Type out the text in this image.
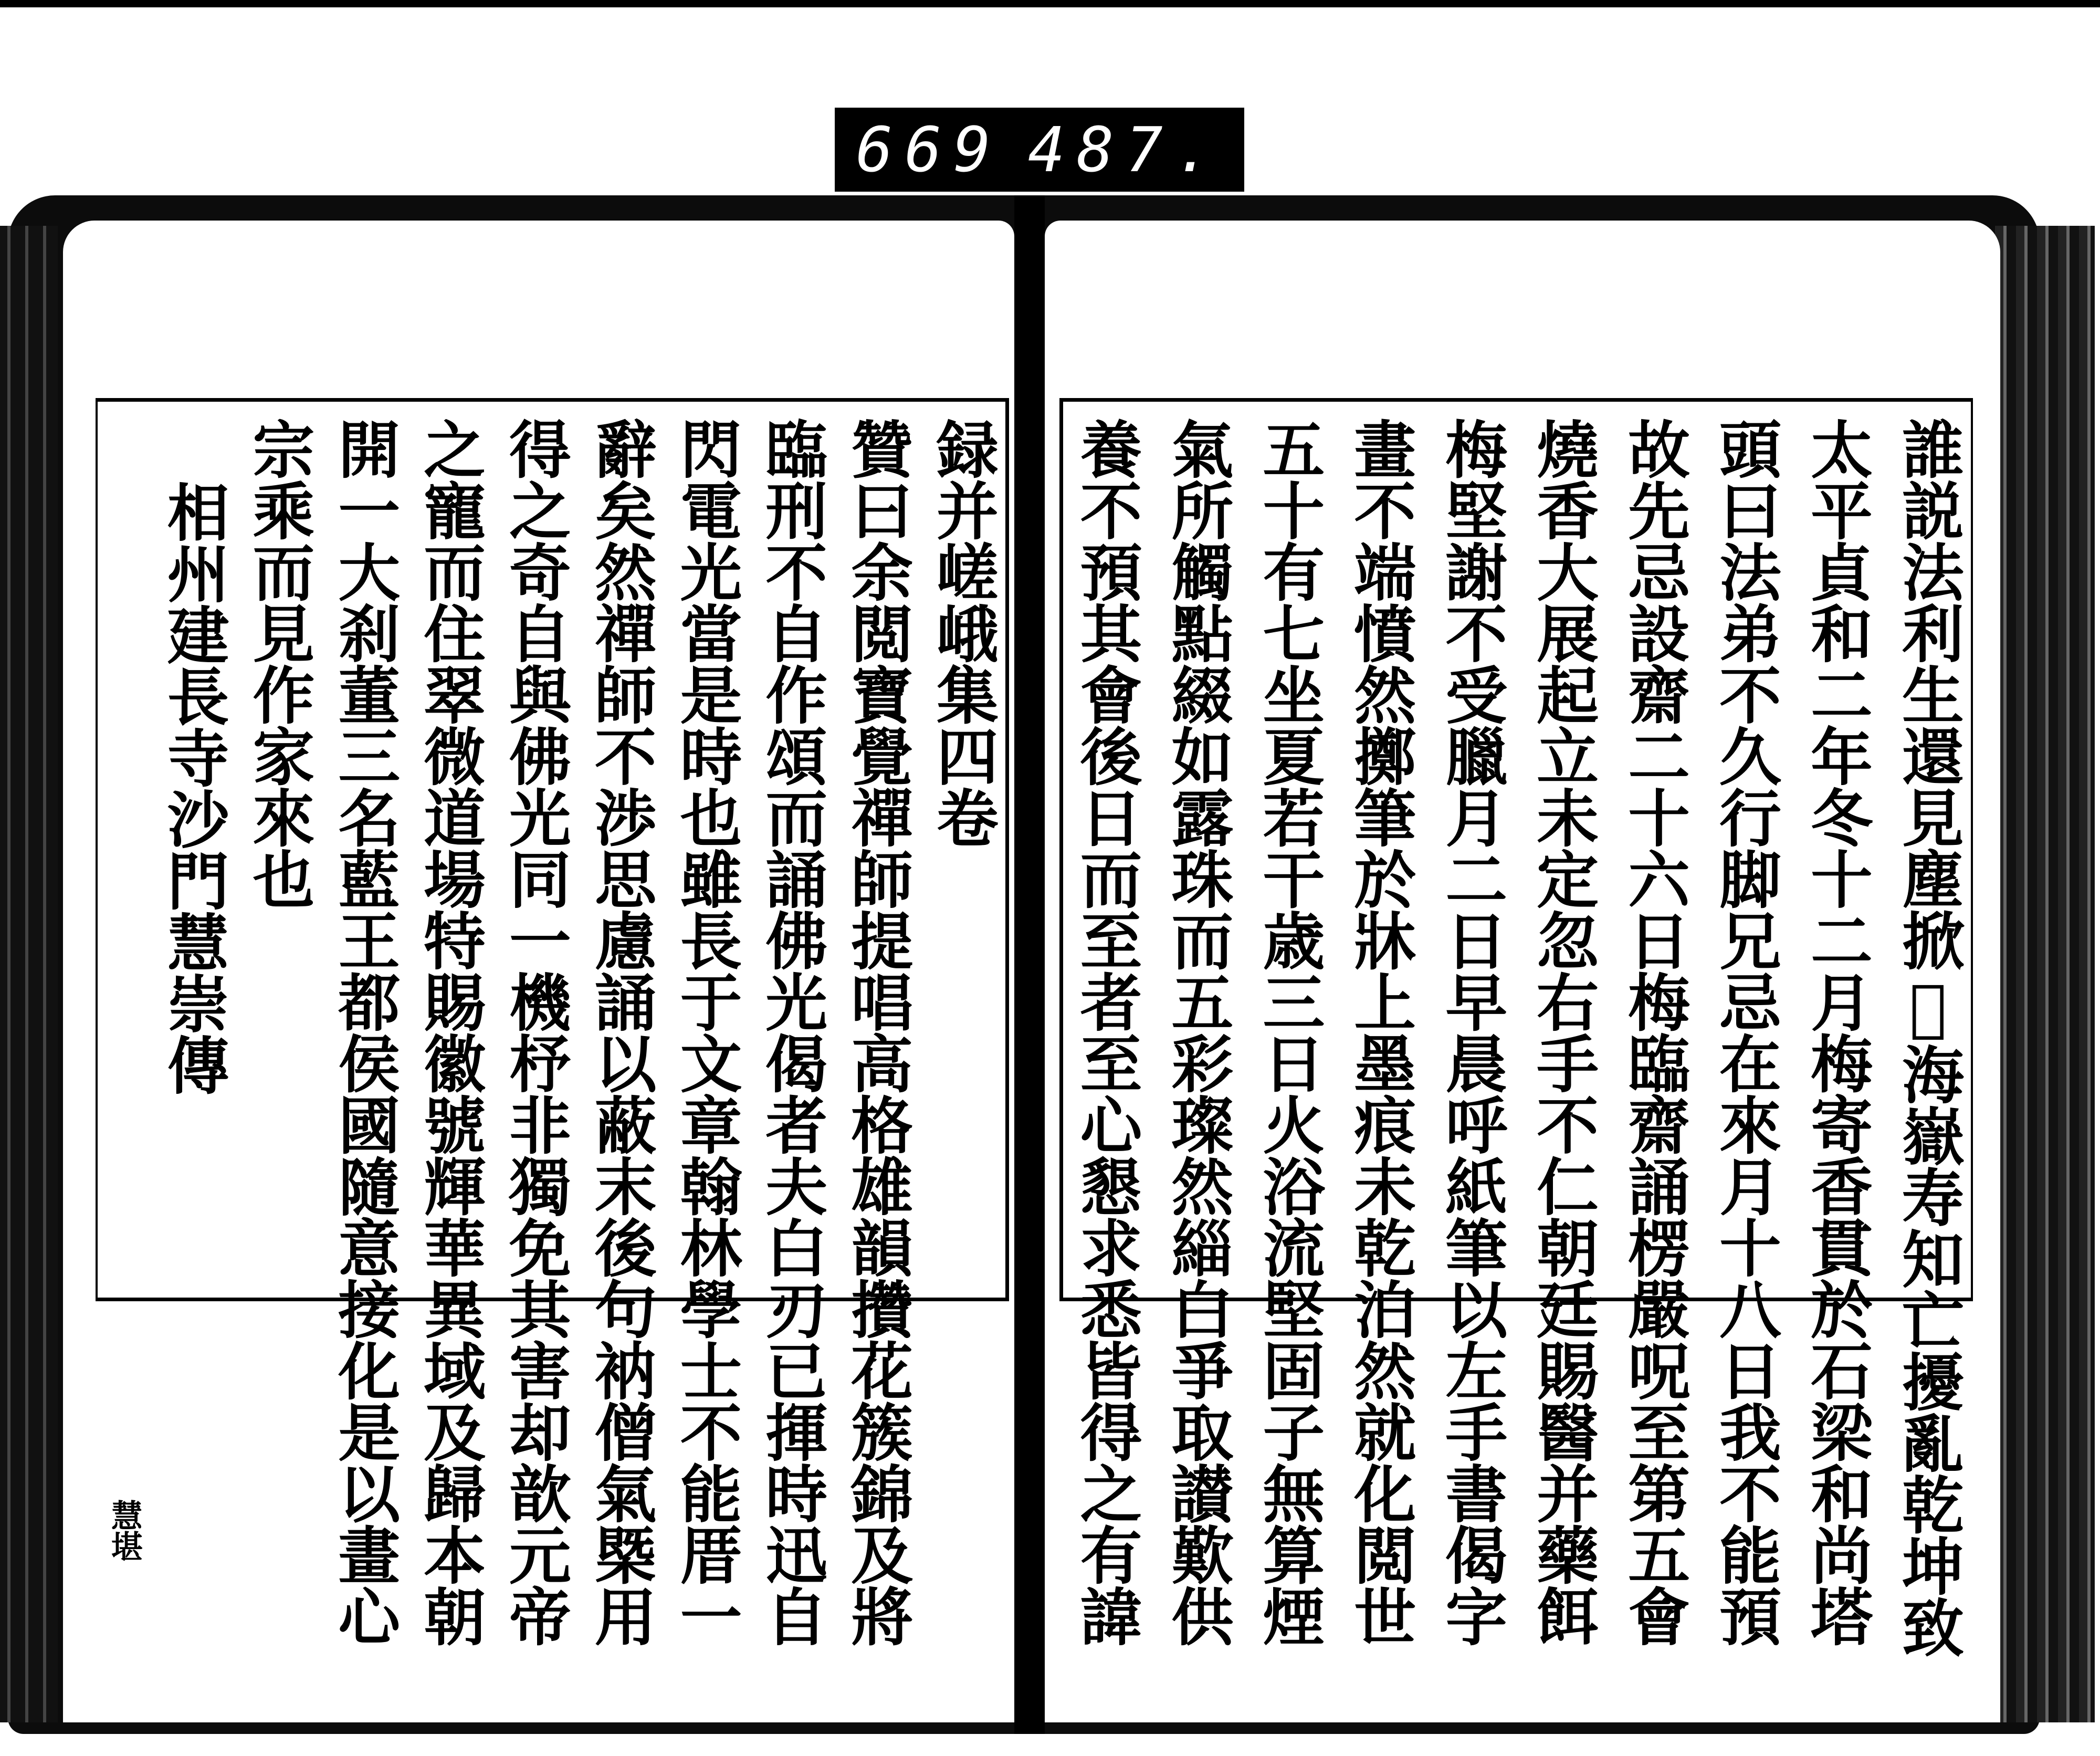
669 487.
誰説法利生還見塵掀𡂶海嶽寿知亡擾亂乾坤致
太平貞和二年冬十二月梅寄香貫於石梁和尚塔
頭曰法弟不久行脚兄忌在來月十八日我不能預
故先忌設齋二十六日梅臨齋誦楞嚴呪至第五會
燒香大展起立未定忽右手不仁朝廷賜醫并藥餌
梅堅謝不受臘月二日早晨呼紙筆以左手書偈字
畫不端憤然擲筆於牀上墨痕未乾泊然就化閲世
五十有七坐夏若干歳三日火浴流堅固子無算煙
氣所觸點綴如露珠而五彩璨然緇白爭取讃歎供
養不預其會後日而至者至心懇求悉皆得之有諱
録并嵯峨集四卷
贊曰余閲寶覺禪師提唱高格雄韻攢花簇錦及將
臨刑不自作頌而誦佛光偈者夫白刃已揮時迅自
閃電光當是時也雖長于文章翰林學士不能厝一
辭矣然禪師不渉思慮誦以蔽末後句衲僧氣槩用
得之奇自與佛光同一機杼非獨免其害却歆元帝
之寵而住翠微道場特賜徽號輝華異域及歸本朝
開一大刹董三名藍王都侯國隨意接化是以畫心
宗乘而見作家來也
相州建長寺沙門慧崇傳
慧堪
